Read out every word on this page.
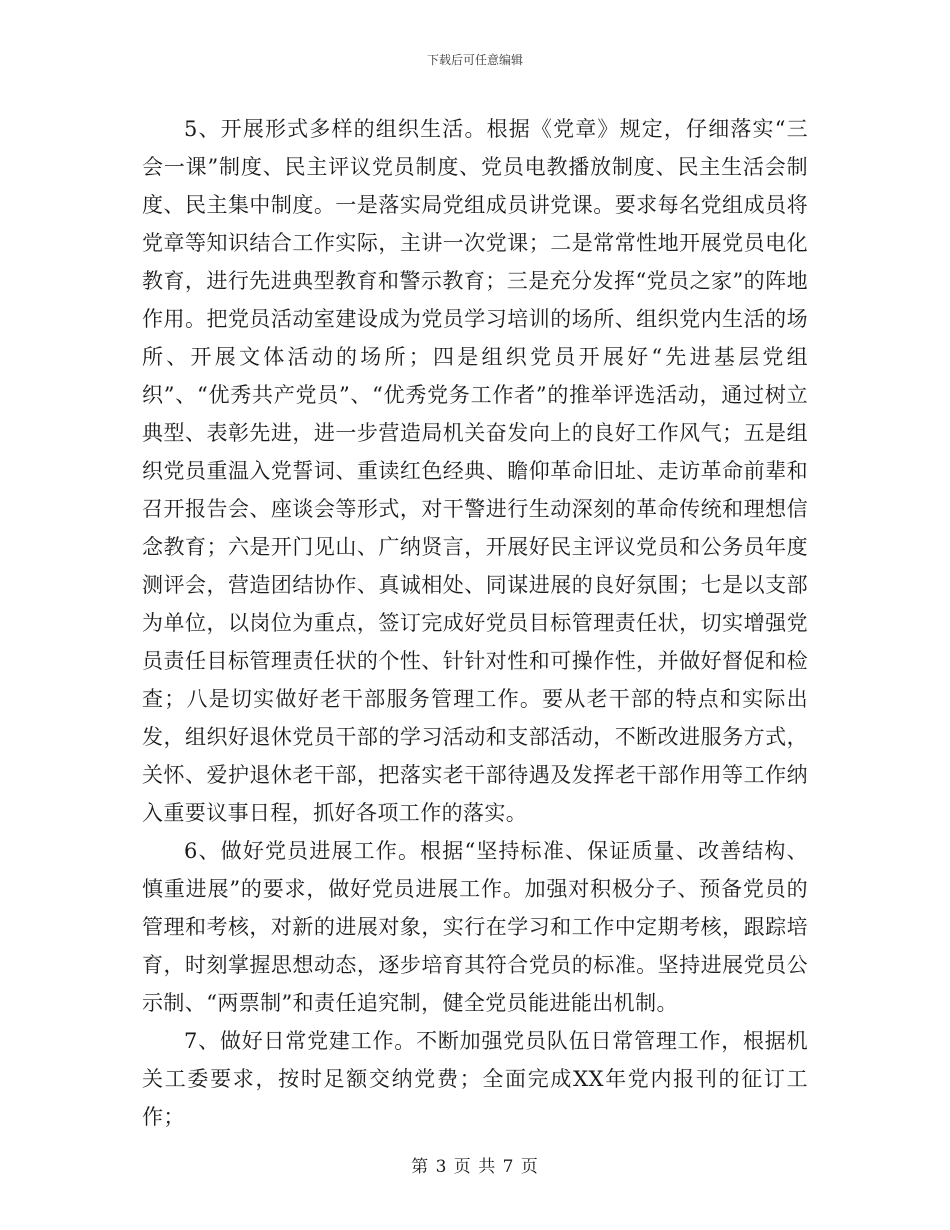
下载后可任意编辑

5、开展形式多样的组织生活。根据《党章》规定，仔细落实“三会一课”制度、民主评议党员制度、党员电教播放制度、民主生活会制度、民主集中制度。一是落实局党组成员讲党课。要求每名党组成员将党章等知识结合工作实际，主讲一次党课；二是常常性地开展党员电化教育，进行先进典型教育和警示教育；三是充分发挥“党员之家”的阵地作用。把党员活动室建设成为党员学习培训的场所、组织党内生活的场所、开展文体活动的场所；四是组织党员开展好“先进基层党组织”、“优秀共产党员”、“优秀党务工作者”的推举评选活动，通过树立典型、表彰先进，进一步营造局机关奋发向上的良好工作风气；五是组织党员重温入党誓词、重读红色经典、瞻仰革命旧址、走访革命前辈和召开报告会、座谈会等形式，对干警进行生动深刻的革命传统和理想信念教育；六是开门见山、广纳贤言，开展好民主评议党员和公务员年度测评会，营造团结协作、真诚相处、同谋进展的良好氛围；七是以支部为单位，以岗位为重点，签订完成好党员目标管理责任状，切实增强党员责任目标管理责任状的个性、针针对性和可操作性，并做好督促和检查；八是切实做好老干部服务管理工作。要从老干部的特点和实际出发，组织好退休党员干部的学习活动和支部活动，不断改进服务方式，关怀、爱护退休老干部，把落实老干部待遇及发挥老干部作用等工作纳入重要议事日程，抓好各项工作的落实。

6、做好党员进展工作。根据“坚持标准、保证质量、改善结构、慎重进展”的要求，做好党员进展工作。加强对积极分子、预备党员的管理和考核，对新的进展对象，实行在学习和工作中定期考核，跟踪培育，时刻掌握思想动态，逐步培育其符合党员的标准。坚持进展党员公示制、“两票制”和责任追究制，健全党员能进能出机制。

7、做好日常党建工作。不断加强党员队伍日常管理工作，根据机关工委要求，按时足额交纳党费；全面完成XX年党内报刊的征订工作；

第 3 页 共 7 页
